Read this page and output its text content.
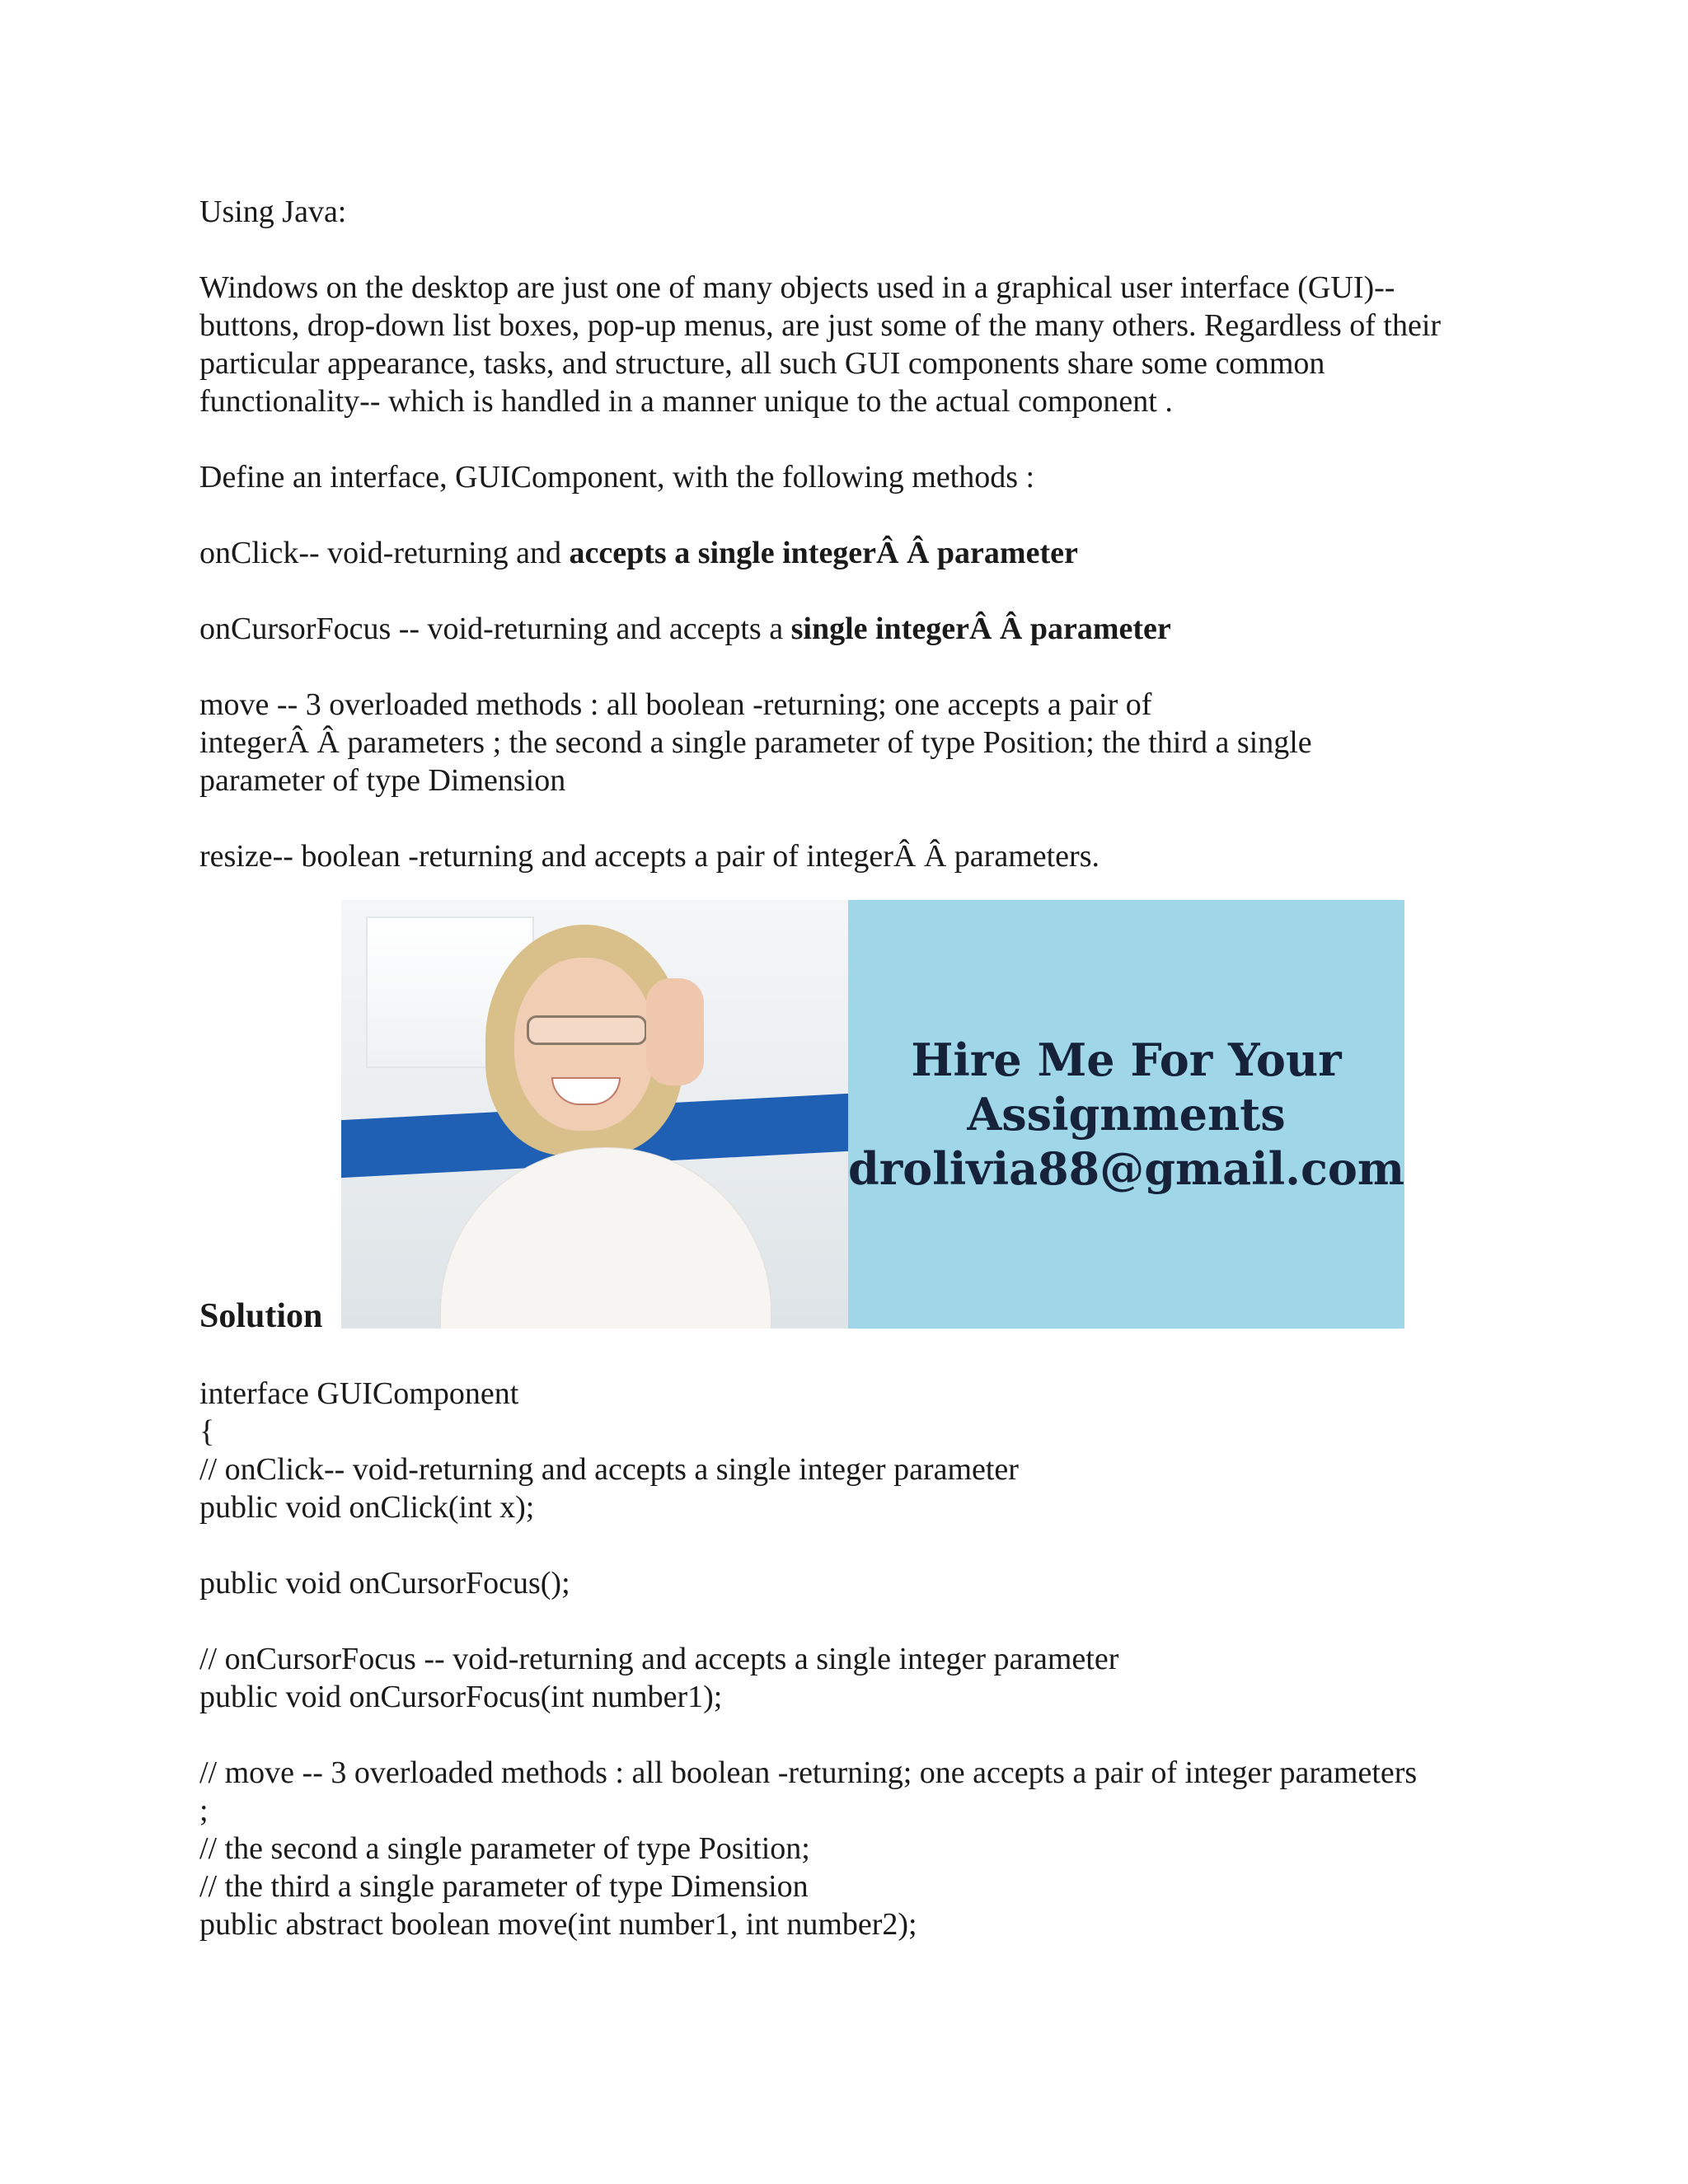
Using Java:

Windows on the desktop are just one of many objects used in a graphical user interface (GUI)-- buttons, drop-down list boxes, pop-up menus, are just some of the many others. Regardless of their particular appearance, tasks, and structure, all such GUI components share some common functionality-- which is handled in a manner unique to the actual component .

Define an interface, GUIComponent, with the following methods :

onClick-- void-returning and accepts a single integerÂ Â parameter

onCursorFocus -- void-returning and accepts a single integerÂ Â parameter

move -- 3 overloaded methods : all boolean -returning; one accepts a pair of

integerÂ Â parameters ; the second a single parameter of type Position; the third a single

parameter of type Dimension

resize-- boolean -returning and accepts a pair of integerÂ Â parameters.

Hire Me For Your
Assignments
drolivia88@gmail.com

Solution

interface GUIComponent

{

// onClick-- void-returning and accepts a single integer parameter

public void onClick(int x);

public void onCursorFocus();

// onCursorFocus -- void-returning and accepts a single integer parameter

public void onCursorFocus(int number1);

// move -- 3 overloaded methods : all boolean -returning; one accepts a pair of integer parameters

;

// the second a single parameter of type Position;

// the third a single parameter of type Dimension

public abstract boolean move(int number1, int number2);
